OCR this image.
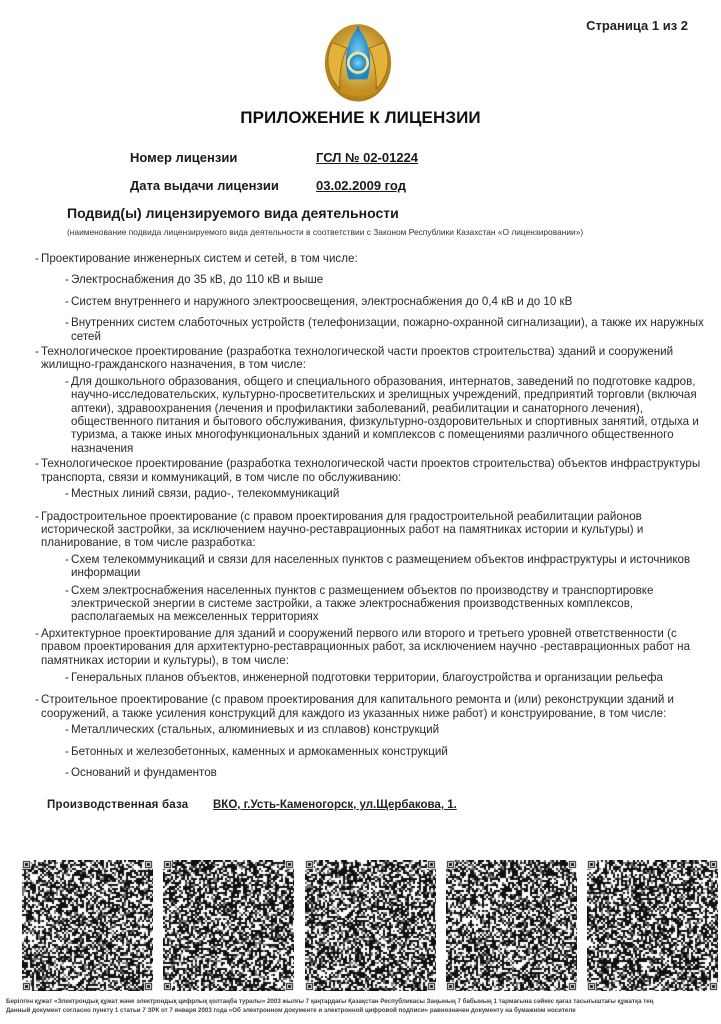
Страница 1 из 2
ПРИЛОЖЕНИЕ К ЛИЦЕНЗИИ
Номер лицензии	ГСЛ № 02-01224
Дата выдачи лицензии	03.02.2009 год
Подвид(ы) лицензируемого вида деятельности
(наименование подвида лицензируемого вида деятельности в соответствии с Законом Республики Казахстан «О лицензировании»)
- Проектирование инженерных систем и сетей, в том числе:
- Электроснабжения до 35 кВ, до 110 кВ и выше
- Систем внутреннего и наружного электроосвещения, электроснабжения до 0,4 кВ и до 10 кВ
- Внутренних систем слаботочных устройств (телефонизации, пожарно-охранной сигнализации), а также их наружных сетей
- Технологическое проектирование (разработка технологической части проектов строительства) зданий и сооружений жилищно-гражданского назначения, в том числе:
- Для дошкольного образования, общего и специального образования, интернатов, заведений по подготовке кадров, научно-исследовательских, культурно-просветительских и зрелищных учреждений, предприятий торговли (включая аптеки), здравоохранения (лечения и профилактики заболеваний, реабилитации и санаторного лечения), общественного питания и бытового обслуживания, физкультурно-оздоровительных и спортивных занятий, отдыха и туризма, а также иных многофункциональных зданий и комплексов с помещениями различного общественного назначения
- Технологическое проектирование (разработка технологической части проектов строительства) объектов инфраструктуры транспорта, связи и коммуникаций, в том числе по обслуживанию:
- Местных линий связи, радио-, телекоммуникаций
- Градостроительное проектирование (с правом проектирования для градостроительной реабилитации районов исторической застройки, за исключением научно-реставрационных работ на памятниках истории и культуры) и планирование, в том числе разработка:
- Схем телекоммуникаций и связи для населенных пунктов с размещением объектов инфраструктуры и источников информации
- Схем электроснабжения населенных пунктов с размещением объектов по производству и транспортировке электрической энергии в системе застройки, а также электроснабжения производственных комплексов, располагаемых на межселенных территориях
- Архитектурное проектирование для зданий и сооружений первого или второго и третьего уровней ответственности (с правом проектирования для архитектурно-реставрационных работ, за исключением научно -реставрационных работ на памятниках истории и культуры), в том числе:
- Генеральных планов объектов, инженерной подготовки территории, благоустройства и организации рельефа
- Строительное проектирование (с правом проектирования для капитального ремонта и (или) реконструкции зданий и сооружений, а также усиления конструкций для каждого из указанных ниже работ) и конструирование, в том числе:
- Металлических (стальных, алюминиевых и из сплавов) конструкций
- Бетонных и железобетонных, каменных и армокаменных конструкций
- Оснований и фундаментов
Производственная база ВКО, г.Усть-Каменогорск, ул.Щербакова, 1.
Берілген құжат «Электрондық құжат және электрондық цифрлық қолтаңба туралы» 2003 жылғы 7 қаңтардағы Қазақстан Республикасы Заңының 7 бабының 1 тармағына сәйкес қағаз тасығыштағы құжатқа тең
Данный документ согласно пункту 1 статьи 7 ЗРК от 7 января 2003 года «Об электронном документе и электронной цифровой подписи» равнозначен документу на бумажном носителе
